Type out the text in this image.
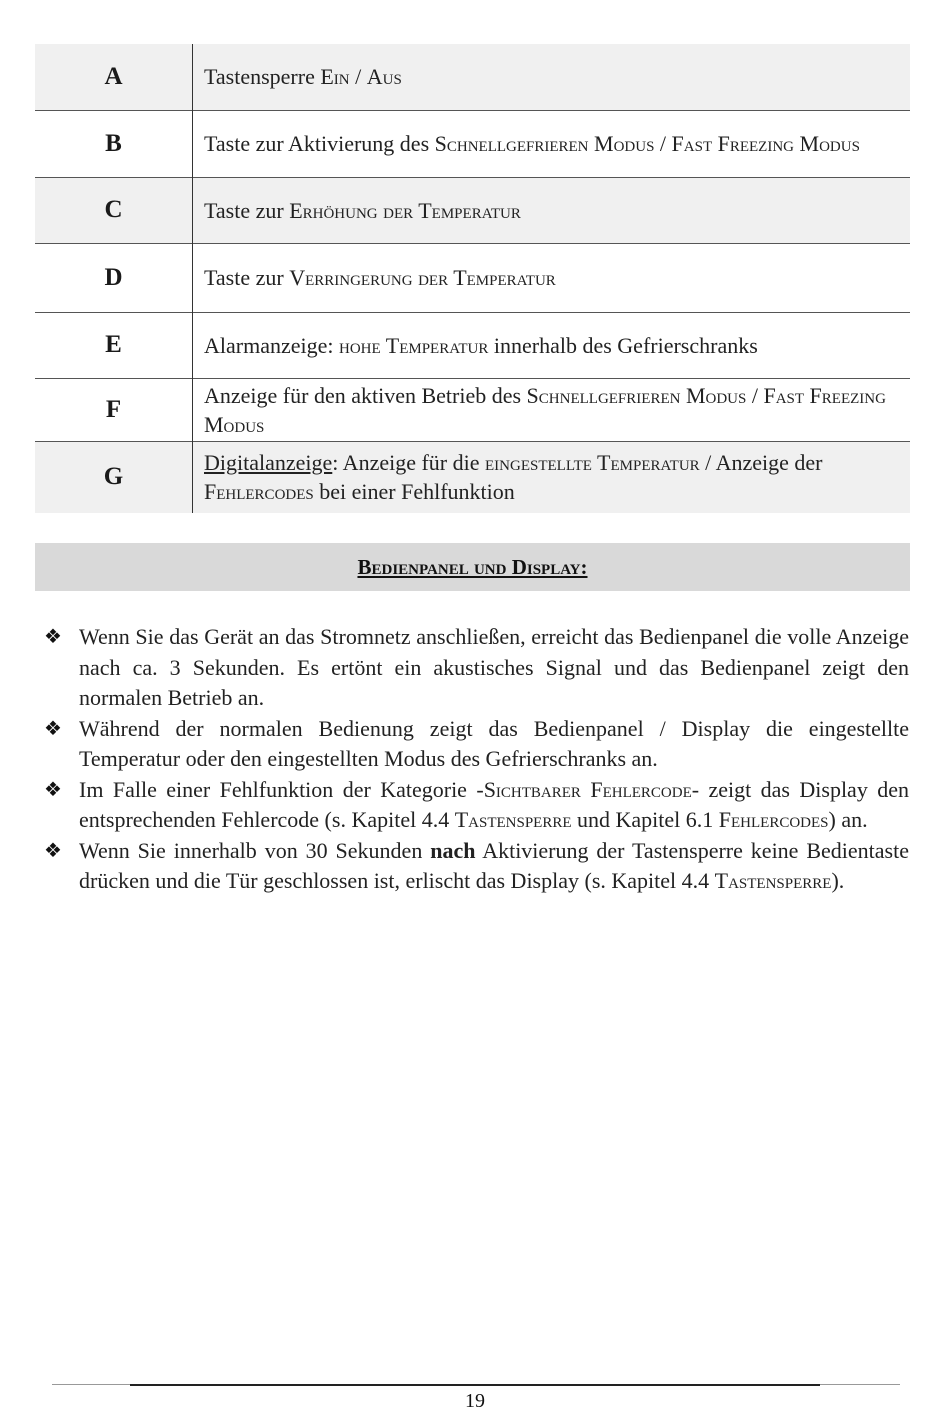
A	Tastensperre Ein / Aus
B	Taste zur Aktivierung des Schnellgefrieren Modus / Fast Freezing Modus
C	Taste zur Erhöhung der Temperatur
D	Taste zur Verringerung der Temperatur
E	Alarmanzeige: hohe Temperatur innerhalb des Gefrierschranks
F	Anzeige für den aktiven Betrieb des Schnellgefrieren Modus / Fast Freezing Modus
G	Digitalanzeige: Anzeige für die eingestellte Temperatur / Anzeige der Fehlercodes bei einer Fehlfunktion
Bedienpanel und Display:
❖ Wenn Sie das Gerät an das Stromnetz anschließen, erreicht das Bedienpanel die volle Anzeige nach ca. 3 Sekunden. Es ertönt ein akustisches Signal und das Bedienpanel zeigt den normalen Betrieb an.
❖ Während der normalen Bedienung zeigt das Bedienpanel / Display die eingestellte Temperatur oder den eingestellten Modus des Gefrierschranks an.
❖ Im Falle einer Fehlfunktion der Kategorie -Sichtbarer Fehlercode- zeigt das Display den entsprechenden Fehlercode (s. Kapitel 4.4 Tastensperre und Kapitel 6.1 Fehlercodes) an.
❖ Wenn Sie innerhalb von 30 Sekunden nach Aktivierung der Tastensperre keine Bedientaste drücken und die Tür geschlossen ist, erlischt das Display (s. Kapitel 4.4 Tastensperre).
19
